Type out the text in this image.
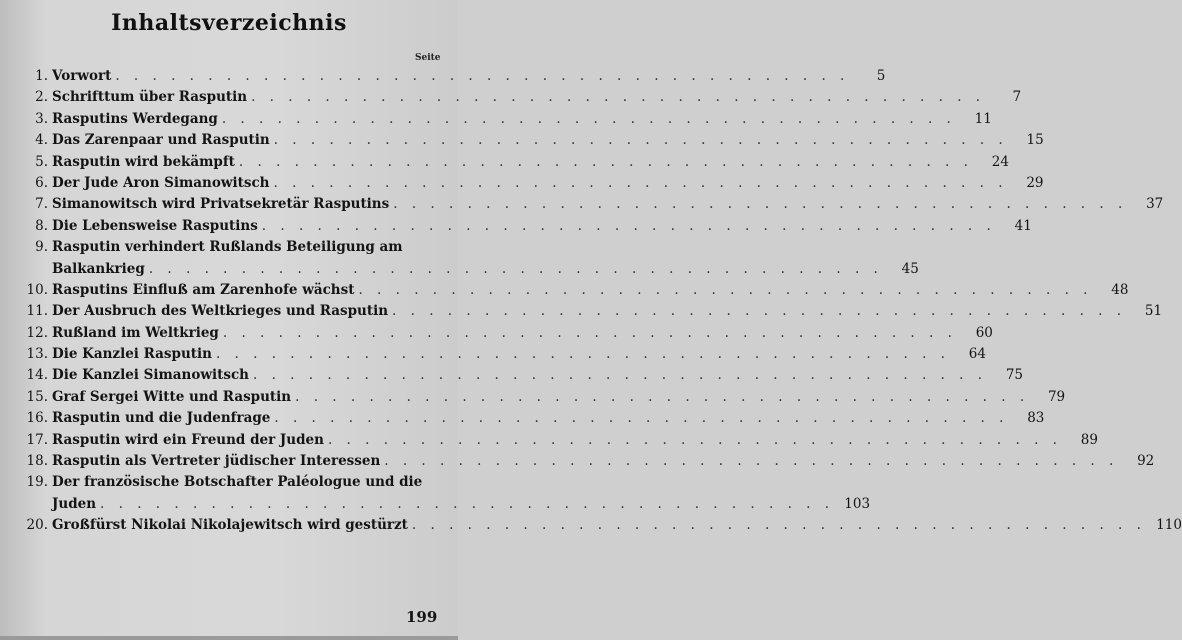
Inhaltsverzeichnis
Seite
1. Vorwort . . . . . . . . . . . . . . . . . . . . . . . . . . . . . . . . . . . . . . . .	5
2. Schrifttum über Rasputin . . . . . . . . . . . . . . . . . . . . . . . . . . . . . . . . . . . . . . . .	7
3. Rasputins Werdegang . . . . . . . . . . . . . . . . . . . . . . . . . . . . . . . . . . . . . . . .	11
4. Das Zarenpaar und Rasputin . . . . . . . . . . . . . . . . . . . . . . . . . . . . . . . . . . . . . . . .	15
5. Rasputin wird bekämpft . . . . . . . . . . . . . . . . . . . . . . . . . . . . . . . . . . . . . . . .	24
6. Der Jude Aron Simanowitsch . . . . . . . . . . . . . . . . . . . . . . . . . . . . . . . . . . . . . . . .	29
7. Simanowitsch wird Privatsekretär Rasputins . . . . . . . . . . . . . . . . . . . . . . . . . . . . . . . . . . . . . . . .	37
8. Die Lebensweise Rasputins . . . . . . . . . . . . . . . . . . . . . . . . . . . . . . . . . . . . . . . .	41
9. Rasputin verhindert Rußlands Beteiligung am
Balkankrieg . . . . . . . . . . . . . . . . . . . . . . . . . . . . . . . . . . . . . . . .	45
10. Rasputins Einfluß am Zarenhofe wächst . . . . . . . . . . . . . . . . . . . . . . . . . . . . . . . . . . . . . . . .	48
11. Der Ausbruch des Weltkrieges und Rasputin . . . . . . . . . . . . . . . . . . . . . . . . . . . . . . . . . . . . . . . .	51
12. Rußland im Weltkrieg . . . . . . . . . . . . . . . . . . . . . . . . . . . . . . . . . . . . . . . .	60
13. Die Kanzlei Rasputin . . . . . . . . . . . . . . . . . . . . . . . . . . . . . . . . . . . . . . . .	64
14. Die Kanzlei Simanowitsch . . . . . . . . . . . . . . . . . . . . . . . . . . . . . . . . . . . . . . . .	75
15. Graf Sergei Witte und Rasputin . . . . . . . . . . . . . . . . . . . . . . . . . . . . . . . . . . . . . . . .	79
16. Rasputin und die Judenfrage . . . . . . . . . . . . . . . . . . . . . . . . . . . . . . . . . . . . . . . .	83
17. Rasputin wird ein Freund der Juden . . . . . . . . . . . . . . . . . . . . . . . . . . . . . . . . . . . . . . . .	89
18. Rasputin als Vertreter jüdischer Interessen . . . . . . . . . . . . . . . . . . . . . . . . . . . . . . . . . . . . . . . .	92
19. Der französische Botschafter Paléologue und die
Juden . . . . . . . . . . . . . . . . . . . . . . . . . . . . . . . . . . . . . . . . 103
20. Großfürst Nikolai Nikolajewitsch wird gestürzt . . . . . . . . . . . . . . . . . . . . . . . . . . . . . . . . . . . . . . . . 110
199
